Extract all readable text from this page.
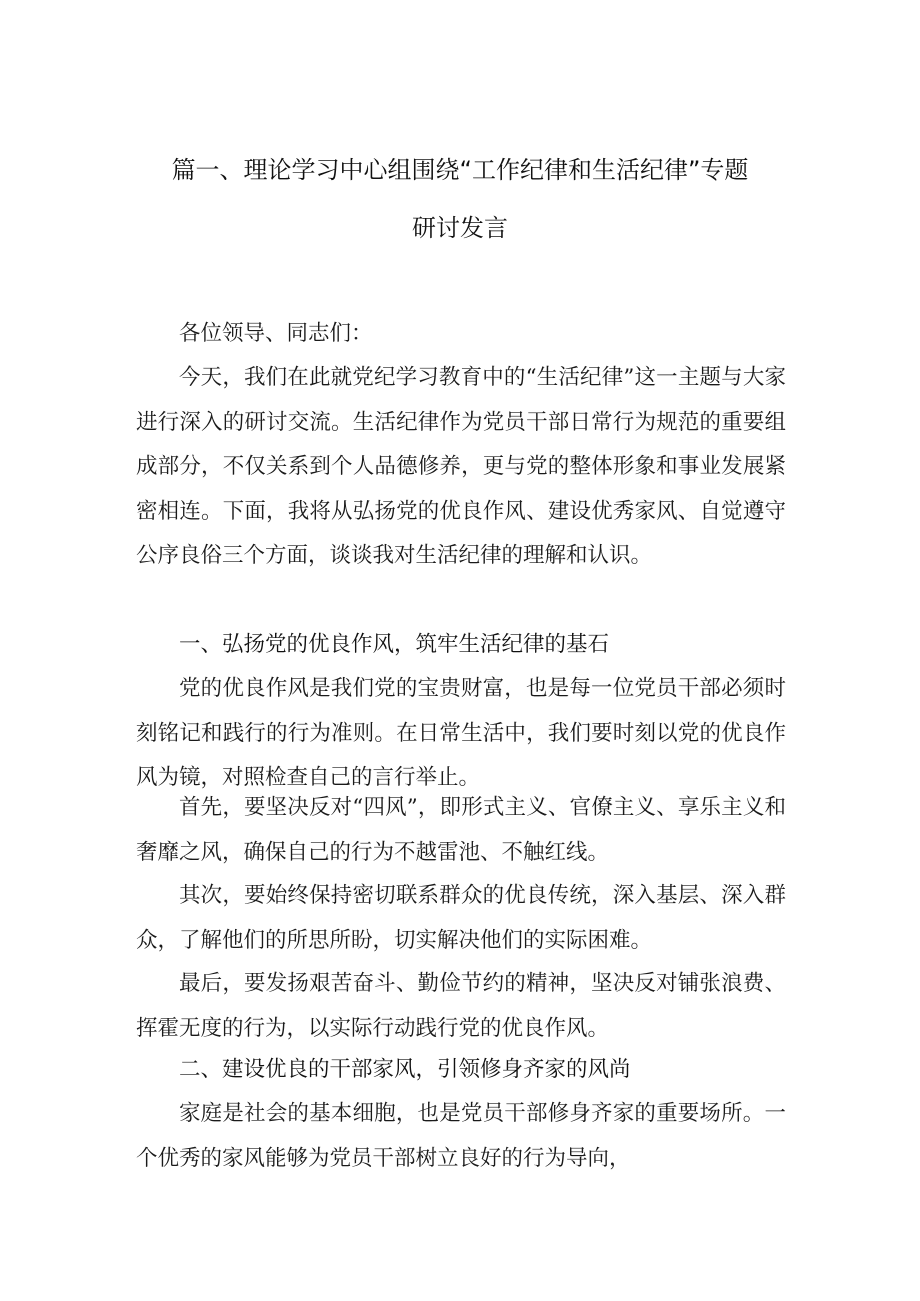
篇一、理论学习中心组围绕“工作纪律和生活纪律”专题
研讨发言

各位领导、同志们：

今天，我们在此就党纪学习教育中的“生活纪律”这一主题与大家进行深入的研讨交流。生活纪律作为党员干部日常行为规范的重要组成部分，不仅关系到个人品德修养，更与党的整体形象和事业发展紧密相连。下面，我将从弘扬党的优良作风、建设优秀家风、自觉遵守公序良俗三个方面，谈谈我对生活纪律的理解和认识。

一、弘扬党的优良作风，筑牢生活纪律的基石

党的优良作风是我们党的宝贵财富，也是每一位党员干部必须时刻铭记和践行的行为准则。在日常生活中，我们要时刻以党的优良作风为镜，对照检查自己的言行举止。

首先，要坚决反对“四风”，即形式主义、官僚主义、享乐主义和奢靡之风，确保自己的行为不越雷池、不触红线。

其次，要始终保持密切联系群众的优良传统，深入基层、深入群众，了解他们的所思所盼，切实解决他们的实际困难。

最后，要发扬艰苦奋斗、勤俭节约的精神，坚决反对铺张浪费、挥霍无度的行为，以实际行动践行党的优良作风。

二、建设优良的干部家风，引领修身齐家的风尚

家庭是社会的基本细胞，也是党员干部修身齐家的重要场所。一个优秀的家风能够为党员干部树立良好的行为导向，
